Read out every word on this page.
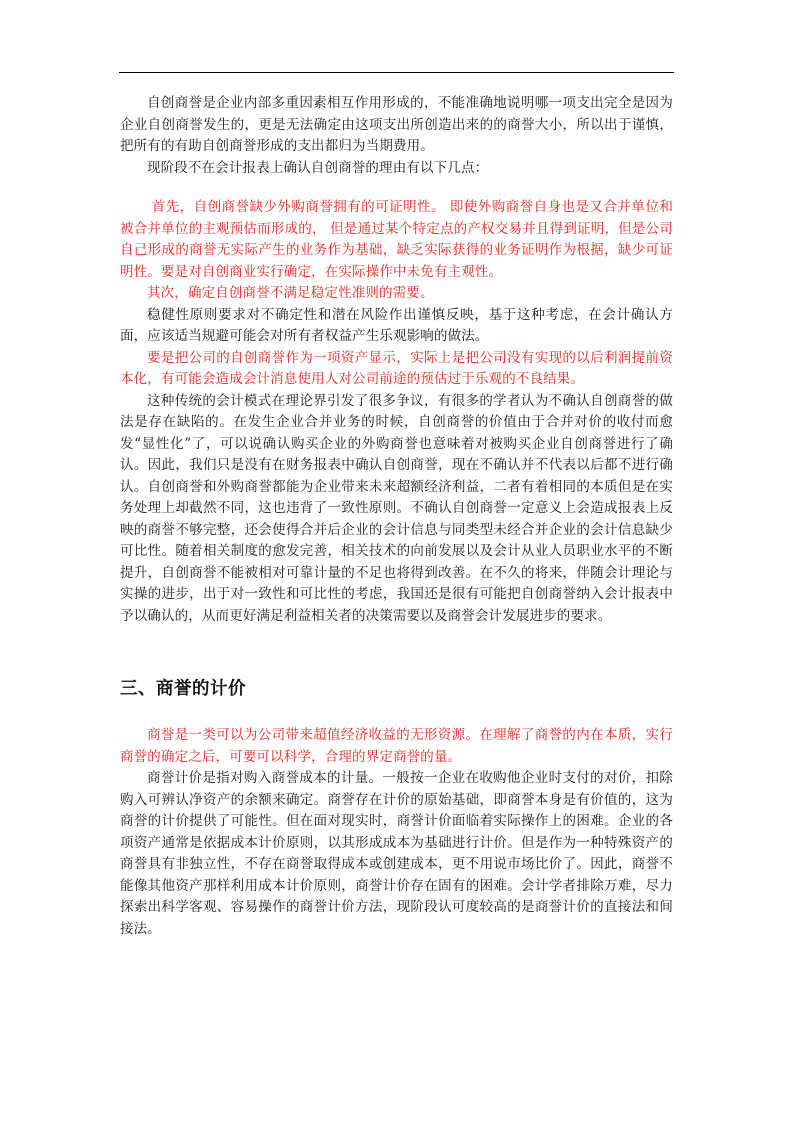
自创商誉是企业内部多重因素相互作用形成的，不能准确地说明哪一项支出完全是因为企业自创商誉发生的，更是无法确定由这项支出所创造出来的的商誉大小，所以出于谨慎，把所有的有助自创商誉形成的支出都归为当期费用。

现阶段不在会计报表上确认自创商誉的理由有以下几点：

首先，自创商誉缺少外购商誉拥有的可证明性。 即使外购商誉自身也是又合并单位和被合并单位的主观预估而形成的， 但是通过某个特定点的产权交易并且得到证明，但是公司自己形成的商誉无实际产生的业务作为基础，缺乏实际获得的业务证明作为根据，缺少可证明性。要是对自创商业实行确定，在实际操作中未免有主观性。

其次，确定自创商誉不满足稳定性准则的需要。

稳健性原则要求对不确定性和潜在风险作出谨慎反映，基于这种考虑，在会计确认方面，应该适当规避可能会对所有者权益产生乐观影响的做法。

要是把公司的自创商誉作为一项资产显示，实际上是把公司没有实现的以后利润提前资本化，有可能会造成会计消息使用人对公司前途的预估过于乐观的不良结果。

这种传统的会计模式在理论界引发了很多争议，有很多的学者认为不确认自创商誉的做法是存在缺陷的。在发生企业合并业务的时候，自创商誉的价值由于合并对价的收付而愈发“显性化”了，可以说确认购买企业的外购商誉也意味着对被购买企业自创商誉进行了确认。因此，我们只是没有在财务报表中确认自创商誉，现在不确认并不代表以后都不进行确认。自创商誉和外购商誉都能为企业带来未来超额经济利益，二者有着相同的本质但是在实务处理上却截然不同，这也违背了一致性原则。不确认自创商誉一定意义上会造成报表上反映的商誉不够完整，还会使得合并后企业的会计信息与同类型未经合并企业的会计信息缺少可比性。随着相关制度的愈发完善，相关技术的向前发展以及会计从业人员职业水平的不断提升，自创商誉不能被相对可靠计量的不足也将得到改善。在不久的将来，伴随会计理论与实操的进步，出于对一致性和可比性的考虑，我国还是很有可能把自创商誉纳入会计报表中予以确认的，从而更好满足利益相关者的决策需要以及商誉会计发展进步的要求。

三、商誉的计价

商誉是一类可以为公司带来超值经济收益的无形资源。在理解了商誉的内在本质，实行商誉的确定之后，可要可以科学，合理的界定商誉的量。

商誉计价是指对购入商誉成本的计量。一般按一企业在收购他企业时支付的对价，扣除购入可辨认净资产的余额来确定。商誉存在计价的原始基础，即商誉本身是有价值的，这为商誉的计价提供了可能性。但在面对现实时，商誉计价面临着实际操作上的困难。企业的各项资产通常是依据成本计价原则，以其形成成本为基础进行计价。但是作为一种特殊资产的商誉具有非独立性，不存在商誉取得成本或创建成本，更不用说市场比价了。因此，商誉不能像其他资产那样利用成本计价原则，商誉计价存在固有的困难。会计学者排除万难，尽力探索出科学客观、容易操作的商誉计价方法，现阶段认可度较高的是商誉计价的直接法和间接法。
